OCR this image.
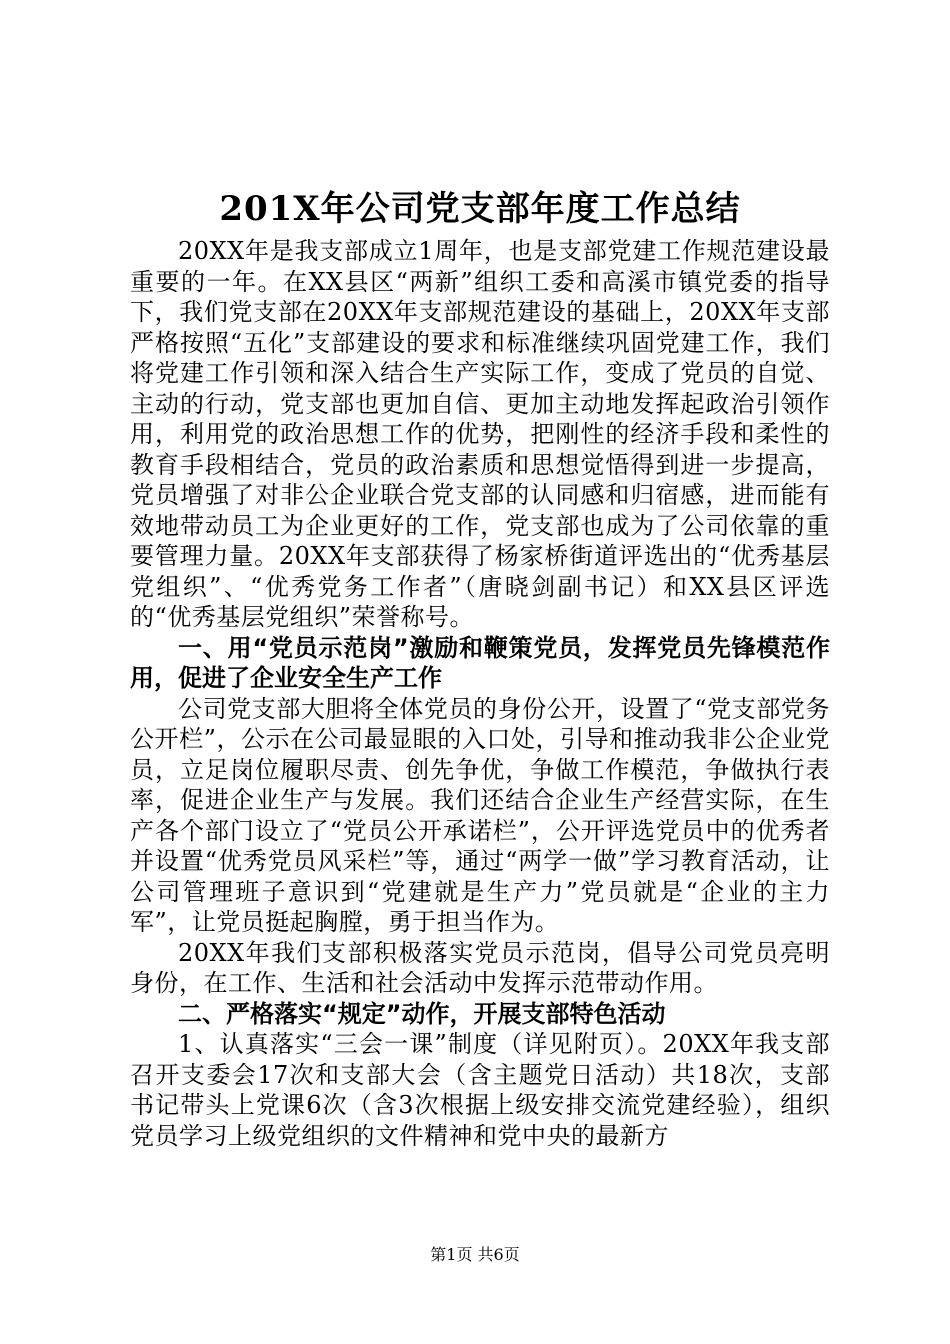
201X年公司党支部年度工作总结

20XX年是我支部成立1周年，也是支部党建工作规范建设最重要的一年。在XX县区“两新”组织工委和高溪市镇党委的指导下，我们党支部在20XX年支部规范建设的基础上，20XX年支部严格按照“五化”支部建设的要求和标准继续巩固党建工作，我们将党建工作引领和深入结合生产实际工作，变成了党员的自觉、主动的行动，党支部也更加自信、更加主动地发挥起政治引领作用，利用党的政治思想工作的优势，把刚性的经济手段和柔性的教育手段相结合，党员的政治素质和思想觉悟得到进一步提高，党员增强了对非公企业联合党支部的认同感和归宿感，进而能有效地带动员工为企业更好的工作，党支部也成为了公司依靠的重要管理力量。20XX年支部获得了杨家桥街道评选出的“优秀基层党组织”、“优秀党务工作者”（唐晓剑副书记）和XX县区评选的“优秀基层党组织”荣誉称号。

一、用“党员示范岗”激励和鞭策党员，发挥党员先锋模范作用，促进了企业安全生产工作

公司党支部大胆将全体党员的身份公开，设置了“党支部党务公开栏”，公示在公司最显眼的入口处，引导和推动我非公企业党员，立足岗位履职尽责、创先争优，争做工作模范，争做执行表率，促进企业生产与发展。我们还结合企业生产经营实际，在生产各个部门设立了“党员公开承诺栏”，公开评选党员中的优秀者并设置“优秀党员风采栏”等，通过“两学一做”学习教育活动，让公司管理班子意识到“党建就是生产力”党员就是“企业的主力军”，让党员挺起胸膛，勇于担当作为。

20XX年我们支部积极落实党员示范岗，倡导公司党员亮明身份，在工作、生活和社会活动中发挥示范带动作用。

二、严格落实“规定”动作，开展支部特色活动

1、认真落实“三会一课”制度（详见附页）。20XX年我支部召开支委会17次和支部大会（含主题党日活动）共18次，支部书记带头上党课6次（含3次根据上级安排交流党建经验），组织党员学习上级党组织的文件精神和党中央的最新方

第1页 共6页
